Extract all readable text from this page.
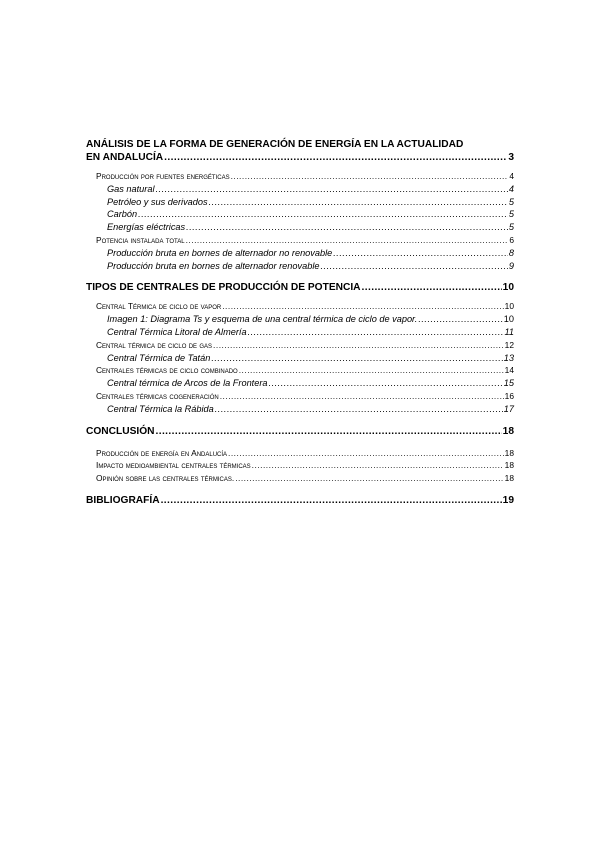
ANÁLISIS DE LA FORMA DE GENERACIÓN DE ENERGÍA EN LA ACTUALIDAD
EN ANDALUCÍA .....	3
Producción por fuentes energéticas .....	4
Gas natural .....	4
Petróleo y sus derivados .....	5
Carbón .....	5
Energías eléctricas .....	5
Potencia instalada total .....	6
Producción bruta en bornes de alternador no renovable .....	8
Producción bruta en bornes de alternador renovable .....	9
TIPOS DE CENTRALES DE PRODUCCIÓN DE POTENCIA .....	10
Central Térmica de ciclo de vapor .....	10
Imagen 1: Diagrama Ts y esquema de una central térmica de ciclo de vapor. .....	10
Central Térmica Litoral de Almería .....	11
Central térmica de ciclo de gas .....	12
Central Térmica de Tatán .....	13
Centrales térmicas de ciclo combinado .....	14
Central térmica de Arcos de la Frontera .....	15
Centrales térmicas cogeneración .....	16
Central Térmica la Rábida .....	17
CONCLUSIÓN .....	18
Producción de energía en Andalucía .....	18
Impacto medioambiental centrales térmicas .....	18
Opinión sobre las centrales térmicas. .....	18
BIBLIOGRAFÍA .....	19
